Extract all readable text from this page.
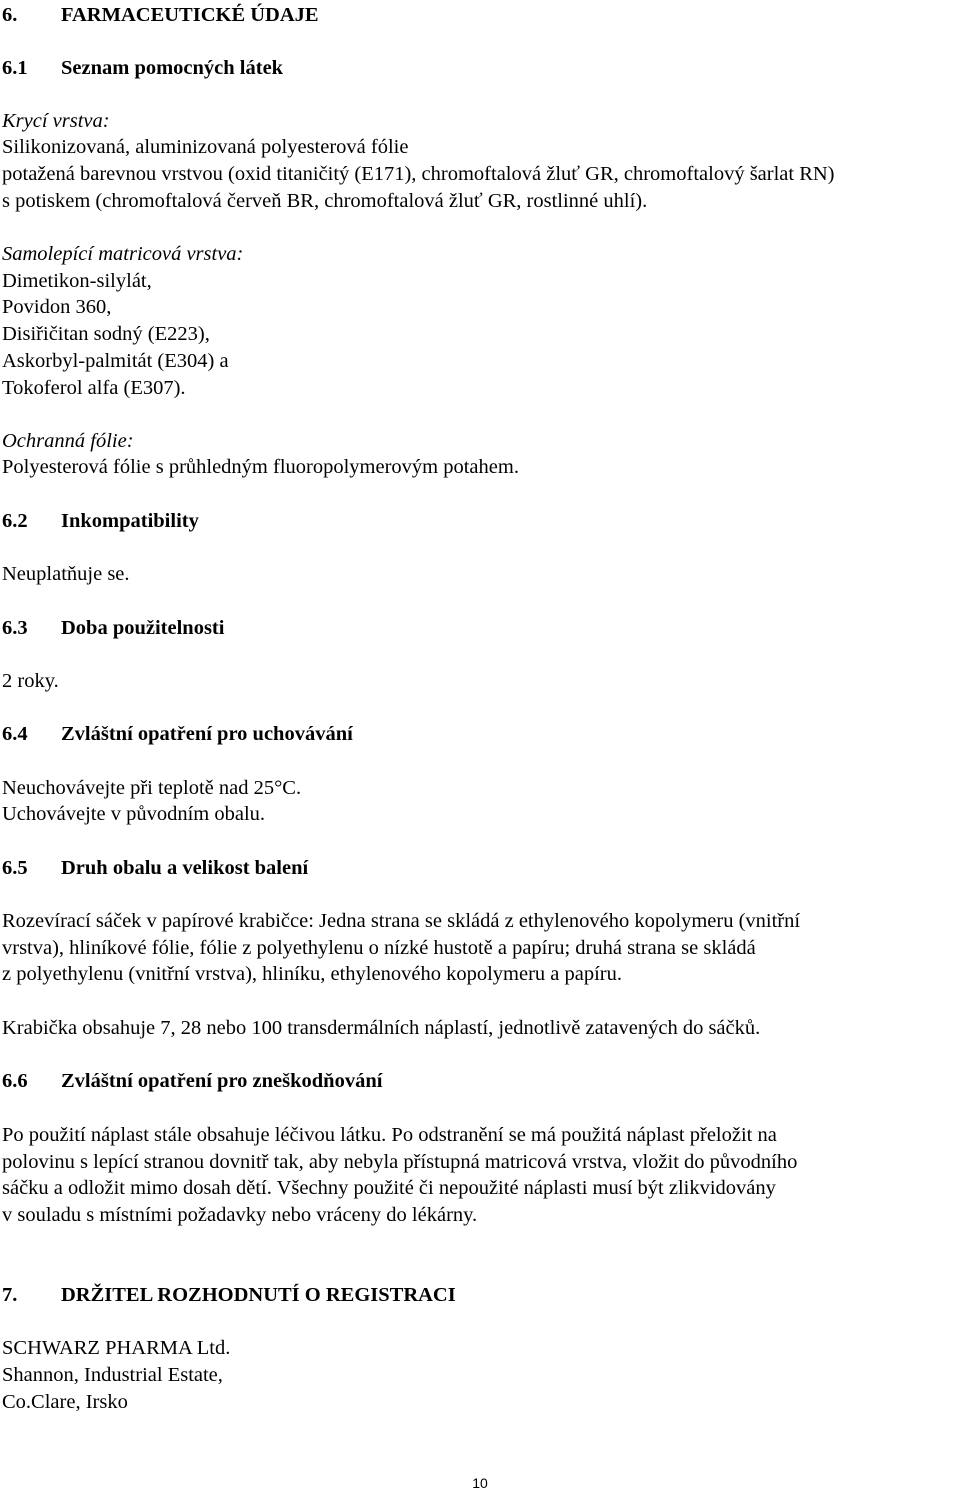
6. FARMACEUTICKÉ ÚDAJE
6.1 Seznam pomocných látek
Krycí vrstva:
Silikonizovaná, aluminizovaná polyesterová fólie
potažená barevnou vrstvou (oxid titaničitý (E171), chromoftalová žluť GR, chromoftalový šarlat RN)
s potiskem (chromoftalová červeň BR, chromoftalová žluť GR, rostlinné uhlí).
Samolepící matricová vrstva:
Dimetikon-silylát,
Povidon 360,
Disiřičitan sodný (E223),
Askorbyl-palmitát (E304) a
Tokoferol alfa (E307).
Ochranná fólie:
Polyesterová fólie s průhledným fluoropolymerovým potahem.
6.2 Inkompatibility
Neuplatňuje se.
6.3 Doba použitelnosti
2 roky.
6.4 Zvláštní opatření pro uchovávání
Neuchovávejte při teplotě nad 25°C.
Uchovávejte v původním obalu.
6.5 Druh obalu a velikost balení
Rozevírací sáček v papírové krabičce: Jedna strana se skládá z ethylenového kopolymeru (vnitřní
vrstva), hliníkové fólie, fólie z polyethylenu o nízké hustotě a papíru; druhá strana se skládá
z polyethylenu (vnitřní vrstva), hliníku, ethylenového kopolymeru a papíru.
Krabička obsahuje 7, 28 nebo 100 transdermálních náplastí, jednotlivě zatavených do sáčků.
6.6 Zvláštní opatření pro zneškodňování
Po použití náplast stále obsahuje léčivou látku. Po odstranění se má použitá náplast přeložit na
polovinu s lepící stranou dovnitř tak, aby nebyla přístupná matricová vrstva, vložit do původního
sáčku a odložit mimo dosah dětí. Všechny použité či nepoužité náplasti musí být zlikvidovány
v souladu s místními požadavky nebo vráceny do lékárny.
7. DRŽITEL ROZHODNUTÍ O REGISTRACI
SCHWARZ PHARMA Ltd.
Shannon, Industrial Estate,
Co.Clare, Irsko
10
